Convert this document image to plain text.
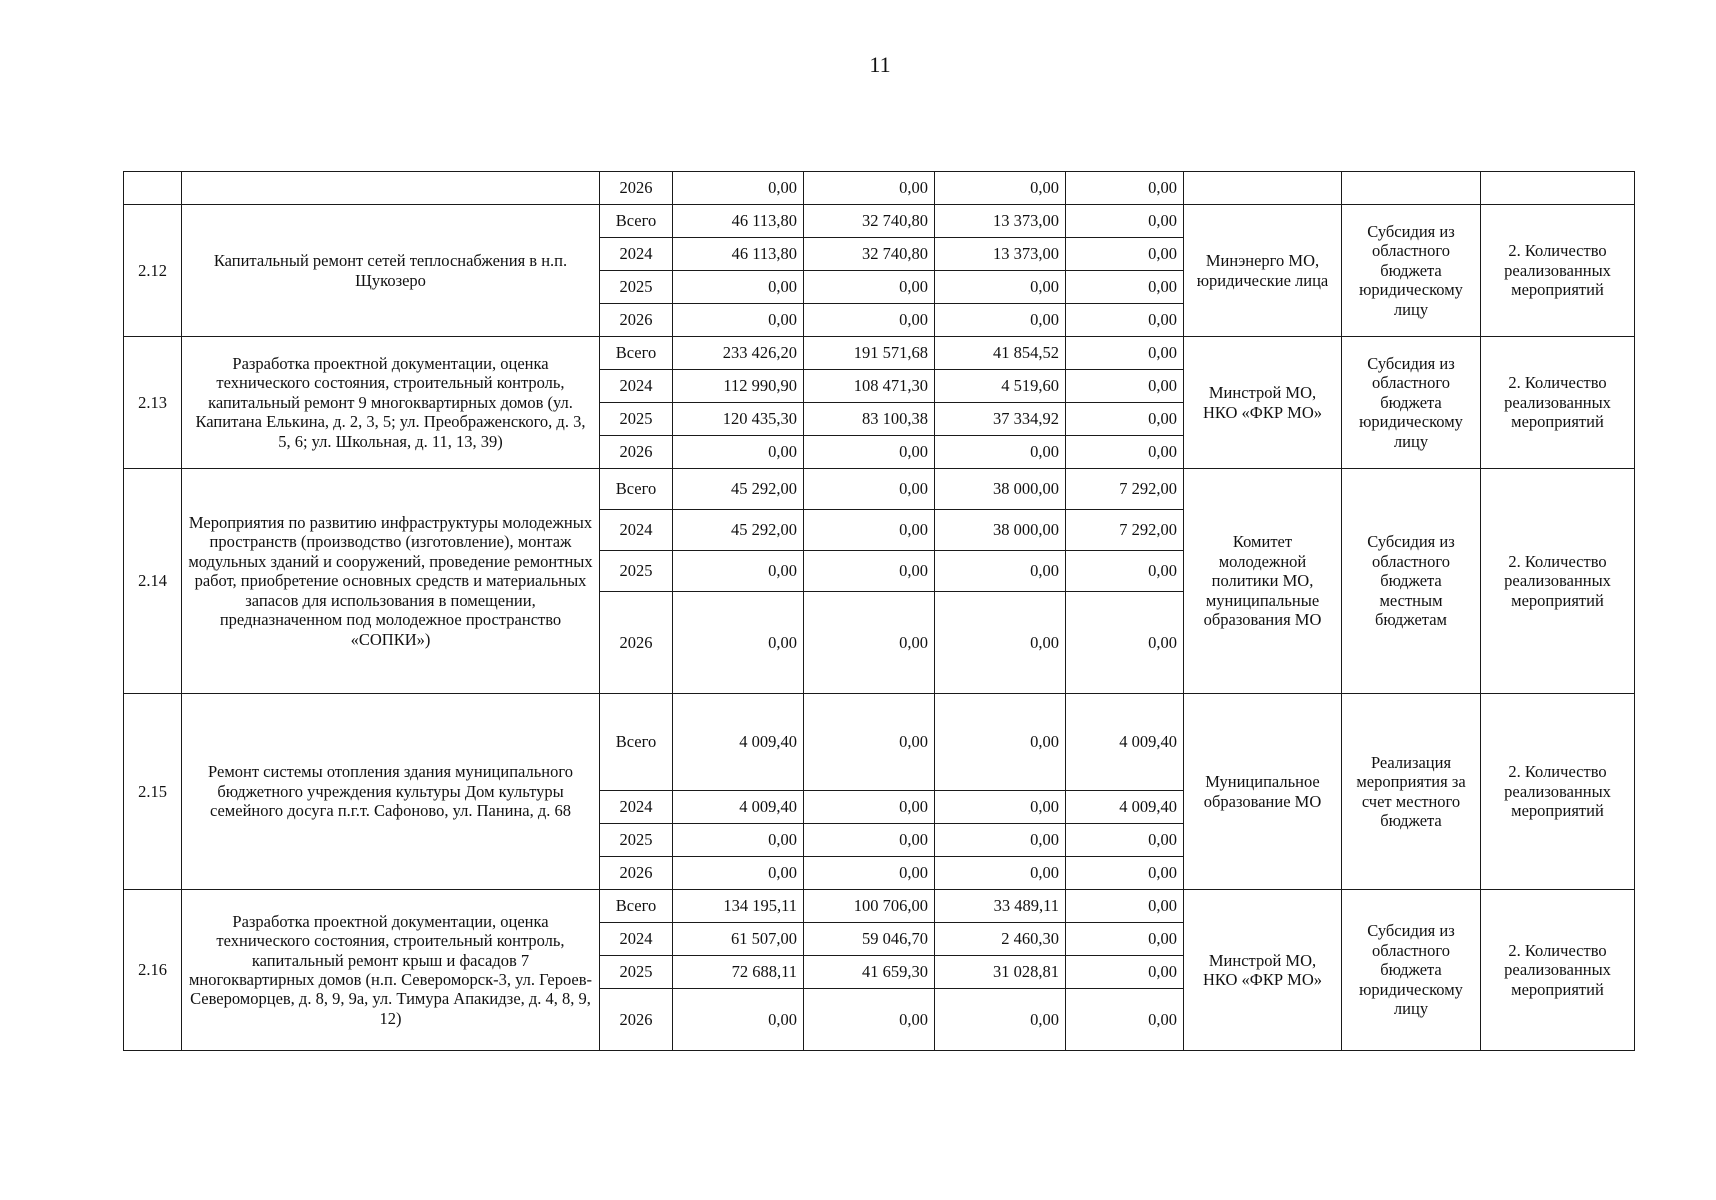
11
		2026	0,00	0,00	0,00	0,00			
2.12	Капитальный ремонт сетей теплоснабжения в н.п. Щукозеро	Всего	46 113,80	32 740,80	13 373,00	0,00	Минэнерго МО, юридические лица	Субсидия из областного бюджета юридическому лицу	2. Количество реализованных мероприятий
		2024	46 113,80	32 740,80	13 373,00	0,00			
		2025	0,00	0,00	0,00	0,00			
		2026	0,00	0,00	0,00	0,00			
2.13	Разработка проектной документации, оценка технического состояния, строительный контроль, капитальный ремонт 9 многоквартирных домов (ул. Капитана Елькина, д. 2, 3, 5; ул. Преображенского, д. 3, 5, 6; ул. Школьная, д. 11, 13, 39)	Всего	233 426,20	191 571,68	41 854,52	0,00	Минстрой МО, НКО «ФКР МО»	Субсидия из областного бюджета юридическому лицу	2. Количество реализованных мероприятий
		2024	112 990,90	108 471,30	4 519,60	0,00			
		2025	120 435,30	83 100,38	37 334,92	0,00			
		2026	0,00	0,00	0,00	0,00			
2.14	Мероприятия по развитию инфраструктуры молодежных пространств (производство (изготовление), монтаж модульных зданий и сооружений, проведение ремонтных работ, приобретение основных средств и материальных запасов для использования в помещении, предназначенном под молодежное пространство «СОПКИ»)	Всего	45 292,00	0,00	38 000,00	7 292,00	Комитет молодежной политики МО, муниципальные образования МО	Субсидия из областного бюджета местным бюджетам	2. Количество реализованных мероприятий
		2024	45 292,00	0,00	38 000,00	7 292,00			
		2025	0,00	0,00	0,00	0,00			
		2026	0,00	0,00	0,00	0,00			
2.15	Ремонт системы отопления здания муниципального бюджетного учреждения культуры Дом культуры семейного досуга п.г.т. Сафоново, ул. Панина, д. 68	Всего	4 009,40	0,00	0,00	4 009,40	Муниципальное образование МО	Реализация мероприятия за счет местного бюджета	2. Количество реализованных мероприятий
		2024	4 009,40	0,00	0,00	4 009,40			
		2025	0,00	0,00	0,00	0,00			
		2026	0,00	0,00	0,00	0,00			
2.16	Разработка проектной документации, оценка технического состояния, строительный контроль, капитальный ремонт крыш и фасадов 7 многоквартирных домов (н.п. Североморск-3, ул. Героев-Североморцев, д. 8, 9, 9а, ул. Тимура Апакидзе, д. 4, 8, 9, 12)	Всего	134 195,11	100 706,00	33 489,11	0,00	Минстрой МО, НКО «ФКР МО»	Субсидия из областного бюджета юридическому лицу	2. Количество реализованных мероприятий
		2024	61 507,00	59 046,70	2 460,30	0,00			
		2025	72 688,11	41 659,30	31 028,81	0,00			
		2026	0,00	0,00	0,00	0,00			
